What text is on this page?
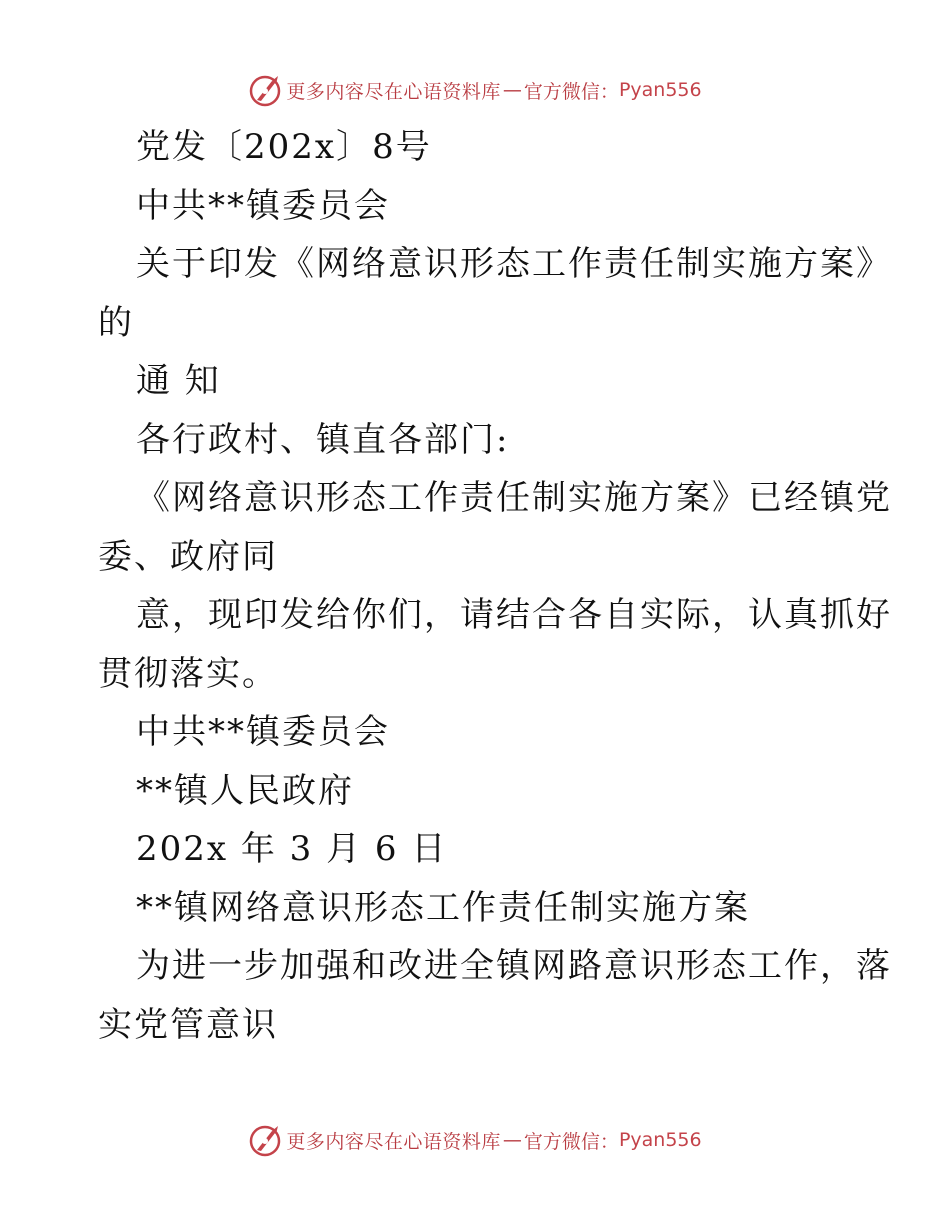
更多内容尽在心语资料库 — 官方微信： Pyan556
党发〔202x〕8号
中共**镇委员会
关于印发《网络意识形态工作责任制实施方案》
的
通 知
各行政村、镇直各部门:
《网络意识形态工作责任制实施方案》已经镇党
委、政府同
意，现印发给你们，请结合各自实际，认真抓好
贯彻落实。
中共**镇委员会
**镇人民政府
202x 年 3 月 6 日
**镇网络意识形态工作责任制实施方案
为进一步加强和改进全镇网路意识形态工作，落
实党管意识
更多内容尽在心语资料库 — 官方微信： Pyan556
